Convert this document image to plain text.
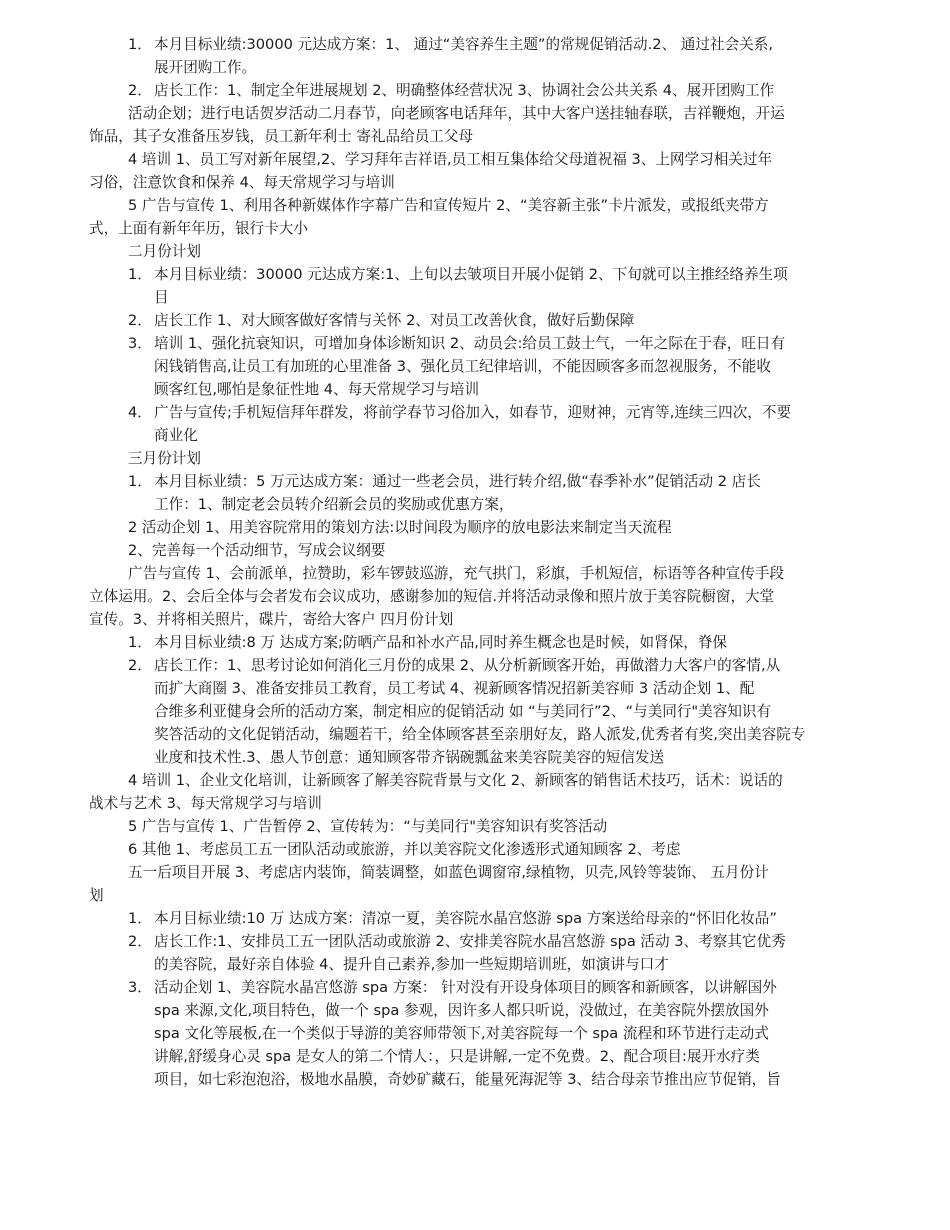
1． 本月目标业绩:30000 元达成方案：1、 通过“美容养生主题”的常规促销活动.2、 通过社会关系,
展开团购工作。
2． 店长工作：1、制定全年进展规划 2、明确整体经营状况 3、协调社会公共关系 4、展开团购工作
活动企划；进行电话贺岁活动二月春节，向老顾客电话拜年，其中大客户送挂轴春联，吉祥鞭炮，开运
饰品，其子女准备压岁钱，员工新年利士 寄礼品给员工父母
4 培训 1、员工写对新年展望,2、学习拜年吉祥语,员工相互集体给父母道祝福 3、上网学习相关过年
习俗，注意饮食和保养 4、每天常规学习与培训
5 广告与宣传 1、利用各种新媒体作字幕广告和宣传短片 2、“美容新主张”卡片派发，或报纸夹带方
式，上面有新年年历，银行卡大小
二月份计划
1． 本月目标业绩：30000 元达成方案:1、上旬以去皱项目开展小促销 2、下旬就可以主推经络养生项
目
2． 店长工作 1、对大顾客做好客情与关怀 2、对员工改善伙食，做好后勤保障
3． 培训 1、强化抗衰知识，可增加身体诊断知识 2、动员会:给员工鼓士气，一年之际在于春，旺日有
闲钱销售高,让员工有加班的心里准备 3、强化员工纪律培训，不能因顾客多而忽视服务，不能收
顾客红包,哪怕是象征性地 4、每天常规学习与培训
4． 广告与宣传;手机短信拜年群发，将前学春节习俗加入，如春节，迎财神，元宵等,连续三四次，不要
商业化
三月份计划
1． 本月目标业绩：5 万元达成方案：通过一些老会员，进行转介绍,做“春季补水”促销活动 2 店长
工作：1、制定老会员转介绍新会员的奖励或优惠方案，
2 活动企划 1、用美容院常用的策划方法:以时间段为顺序的放电影法来制定当天流程
2、完善每一个活动细节，写成会议纲要
广告与宣传 1、会前派单，拉赞助，彩车锣鼓巡游，充气拱门，彩旗，手机短信，标语等各种宣传手段
立体运用。2、会后全体与会者发布会议成功，感谢参加的短信.并将活动录像和照片放于美容院橱窗，大堂
宣传。3、并将相关照片，碟片，寄给大客户 四月份计划
1． 本月目标业绩:8 万 达成方案;防晒产品和补水产品,同时养生概念也是时候，如肾保，脊保
2． 店长工作：1、思考讨论如何消化三月份的成果 2、从分析新顾客开始，再做潜力大客户的客情,从
而扩大商圈 3、准备安排员工教育，员工考试 4、视新顾客情况招新美容师 3 活动企划 1、配
合维多利亚健身会所的活动方案，制定相应的促销活动 如 “与美同行”2、“与美同行"美容知识有
奖答活动的文化促销活动，编题若干，给全体顾客甚至亲朋好友，路人派发,优秀者有奖,突出美容院专
业度和技术性.3、愚人节创意：通知顾客带齐锅碗瓢盆来美容院美容的短信发送
4 培训 1、企业文化培训，让新顾客了解美容院背景与文化 2、新顾客的销售话术技巧，话术：说话的
战术与艺术 3、每天常规学习与培训
5 广告与宣传 1、广告暂停 2、宣传转为：“与美同行"美容知识有奖答活动
6 其他 1、考虑员工五一团队活动或旅游，并以美容院文化渗透形式通知顾客 2、考虑
五一后项目开展 3、考虑店内装饰，简装调整，如蓝色调窗帘,绿植物，贝壳,风铃等装饰、 五月份计
划
1． 本月目标业绩:10 万 达成方案：清凉一夏，美容院水晶宫悠游 spa 方案送给母亲的“怀旧化妆品”
2． 店长工作:1、安排员工五一团队活动或旅游 2、安排美容院水晶宫悠游 spa 活动 3、考察其它优秀
的美容院，最好亲自体验 4、提升自己素养,参加一些短期培训班，如演讲与口才
3． 活动企划 1、美容院水晶宫悠游 spa 方案： 针对没有开设身体项目的顾客和新顾客，以讲解国外
spa 来源,文化,项目特色，做一个 spa 参观，因许多人都只听说，没做过，在美容院外摆放国外
spa 文化等展板,在一个类似于导游的美容师带领下,对美容院每一个 spa 流程和环节进行走动式
讲解,舒缓身心灵 spa 是女人的第二个情人：，只是讲解,一定不免费。2、配合项目:展开水疗类
项目，如七彩泡泡浴，极地水晶膜，奇妙矿藏石，能量死海泥等 3、结合母亲节推出应节促销，旨
